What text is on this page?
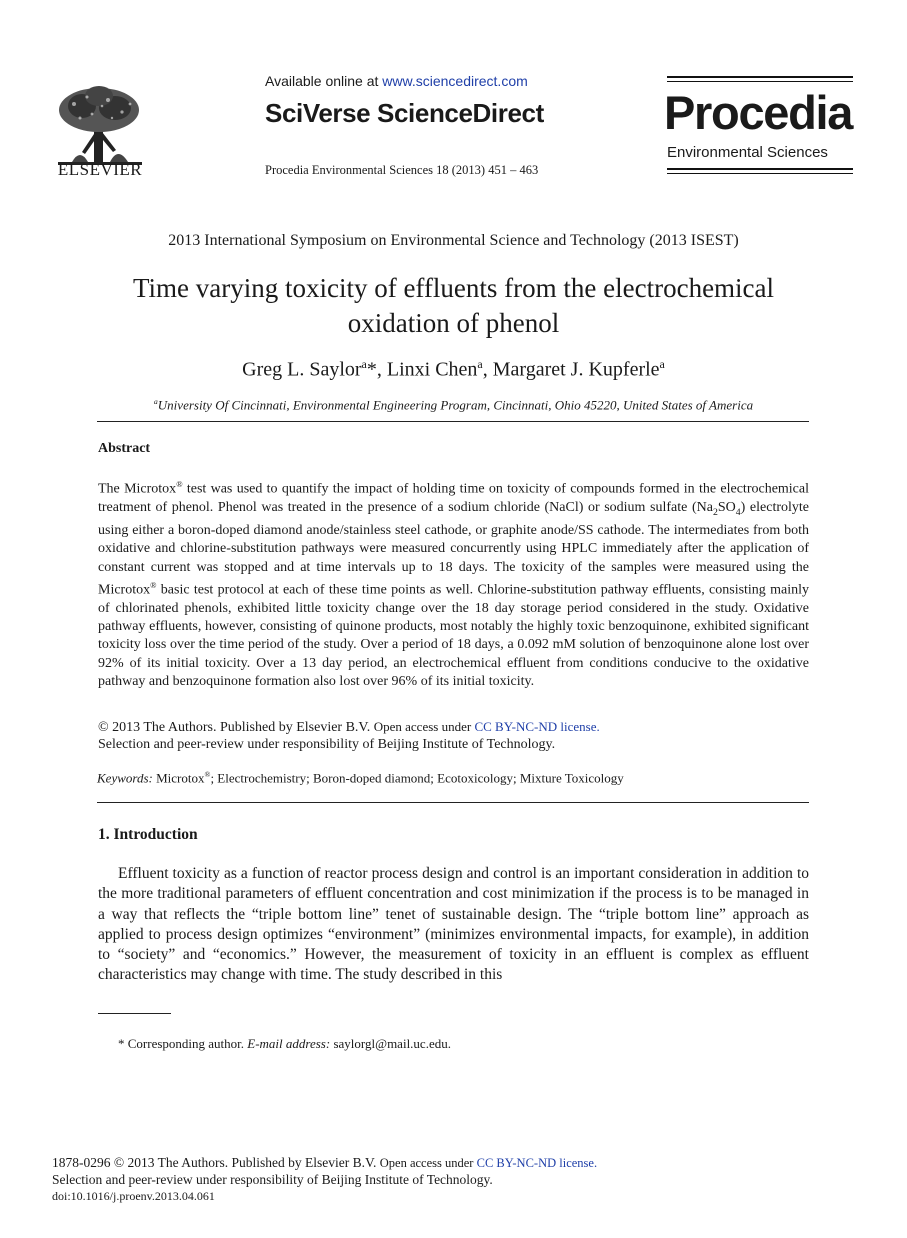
ELSEVIER
Available online at www.sciencedirect.com
SciVerse ScienceDirect
Procedia Environmental Sciences 18 (2013) 451 – 463
Procedia
Environmental Sciences
2013 International Symposium on Environmental Science and Technology (2013 ISEST)
Time varying toxicity of effluents from the electrochemical oxidation of phenol
Greg L. Saylor$^a$*, Linxi Chen$^a$, Margaret J. Kupferle$^a$
$^a$University Of Cincinnati, Environmental Engineering Program, Cincinnati, Ohio 45220, United States of America
Abstract
The Microtox® test was used to quantify the impact of holding time on toxicity of compounds formed in the electrochemical treatment of phenol. Phenol was treated in the presence of a sodium chloride (NaCl) or sodium sulfate $(Na_2SO_4)$ electrolyte using either a boron-doped diamond anode/stainless steel cathode, or graphite anode/SS cathode. The intermediates from both oxidative and chlorine-substitution pathways were measured concurrently using HPLC immediately after the application of constant current was stopped and at time intervals up to 18 days. The toxicity of the samples were measured using the Microtox® basic test protocol at each of these time points as well. Chlorine-substitution pathway effluents, consisting mainly of chlorinated phenols, exhibited little toxicity change over the 18 day storage period considered in the study. Oxidative pathway effluents, however, consisting of quinone products, most notably the highly toxic benzoquinone, exhibited significant toxicity loss over the time period of the study. Over a period of 18 days, a 0.092 mM solution of benzoquinone alone lost over 92% of its initial toxicity. Over a 13 day period, an electrochemical effluent from conditions conducive to the oxidative pathway and benzoquinone formation also lost over 96% of its initial toxicity.
© 2013 The Authors. Published by Elsevier B.V. Open access under CC BY-NC-ND license.
Selection and peer-review under responsibility of Beijing Institute of Technology.
Keywords: Microtox®; Electrochemistry; Boron-doped diamond; Ecotoxicology; Mixture Toxicology
1. Introduction
Effluent toxicity as a function of reactor process design and control is an important consideration in addition to the more traditional parameters of effluent concentration and cost minimization if the process is to be managed in a way that reflects the “triple bottom line” tenet of sustainable design. The “triple bottom line” approach as applied to process design optimizes “environment” (minimizes environmental impacts, for example), in addition to “society” and “economics.” However, the measurement of toxicity in an effluent is complex as effluent characteristics may change with time. The study described in this
* Corresponding author. E-mail address: saylorgl@mail.uc.edu.
1878-0296 © 2013 The Authors. Published by Elsevier B.V. Open access under CC BY-NC-ND license.
Selection and peer-review under responsibility of Beijing Institute of Technology.
doi:10.1016/j.proenv.2013.04.061
